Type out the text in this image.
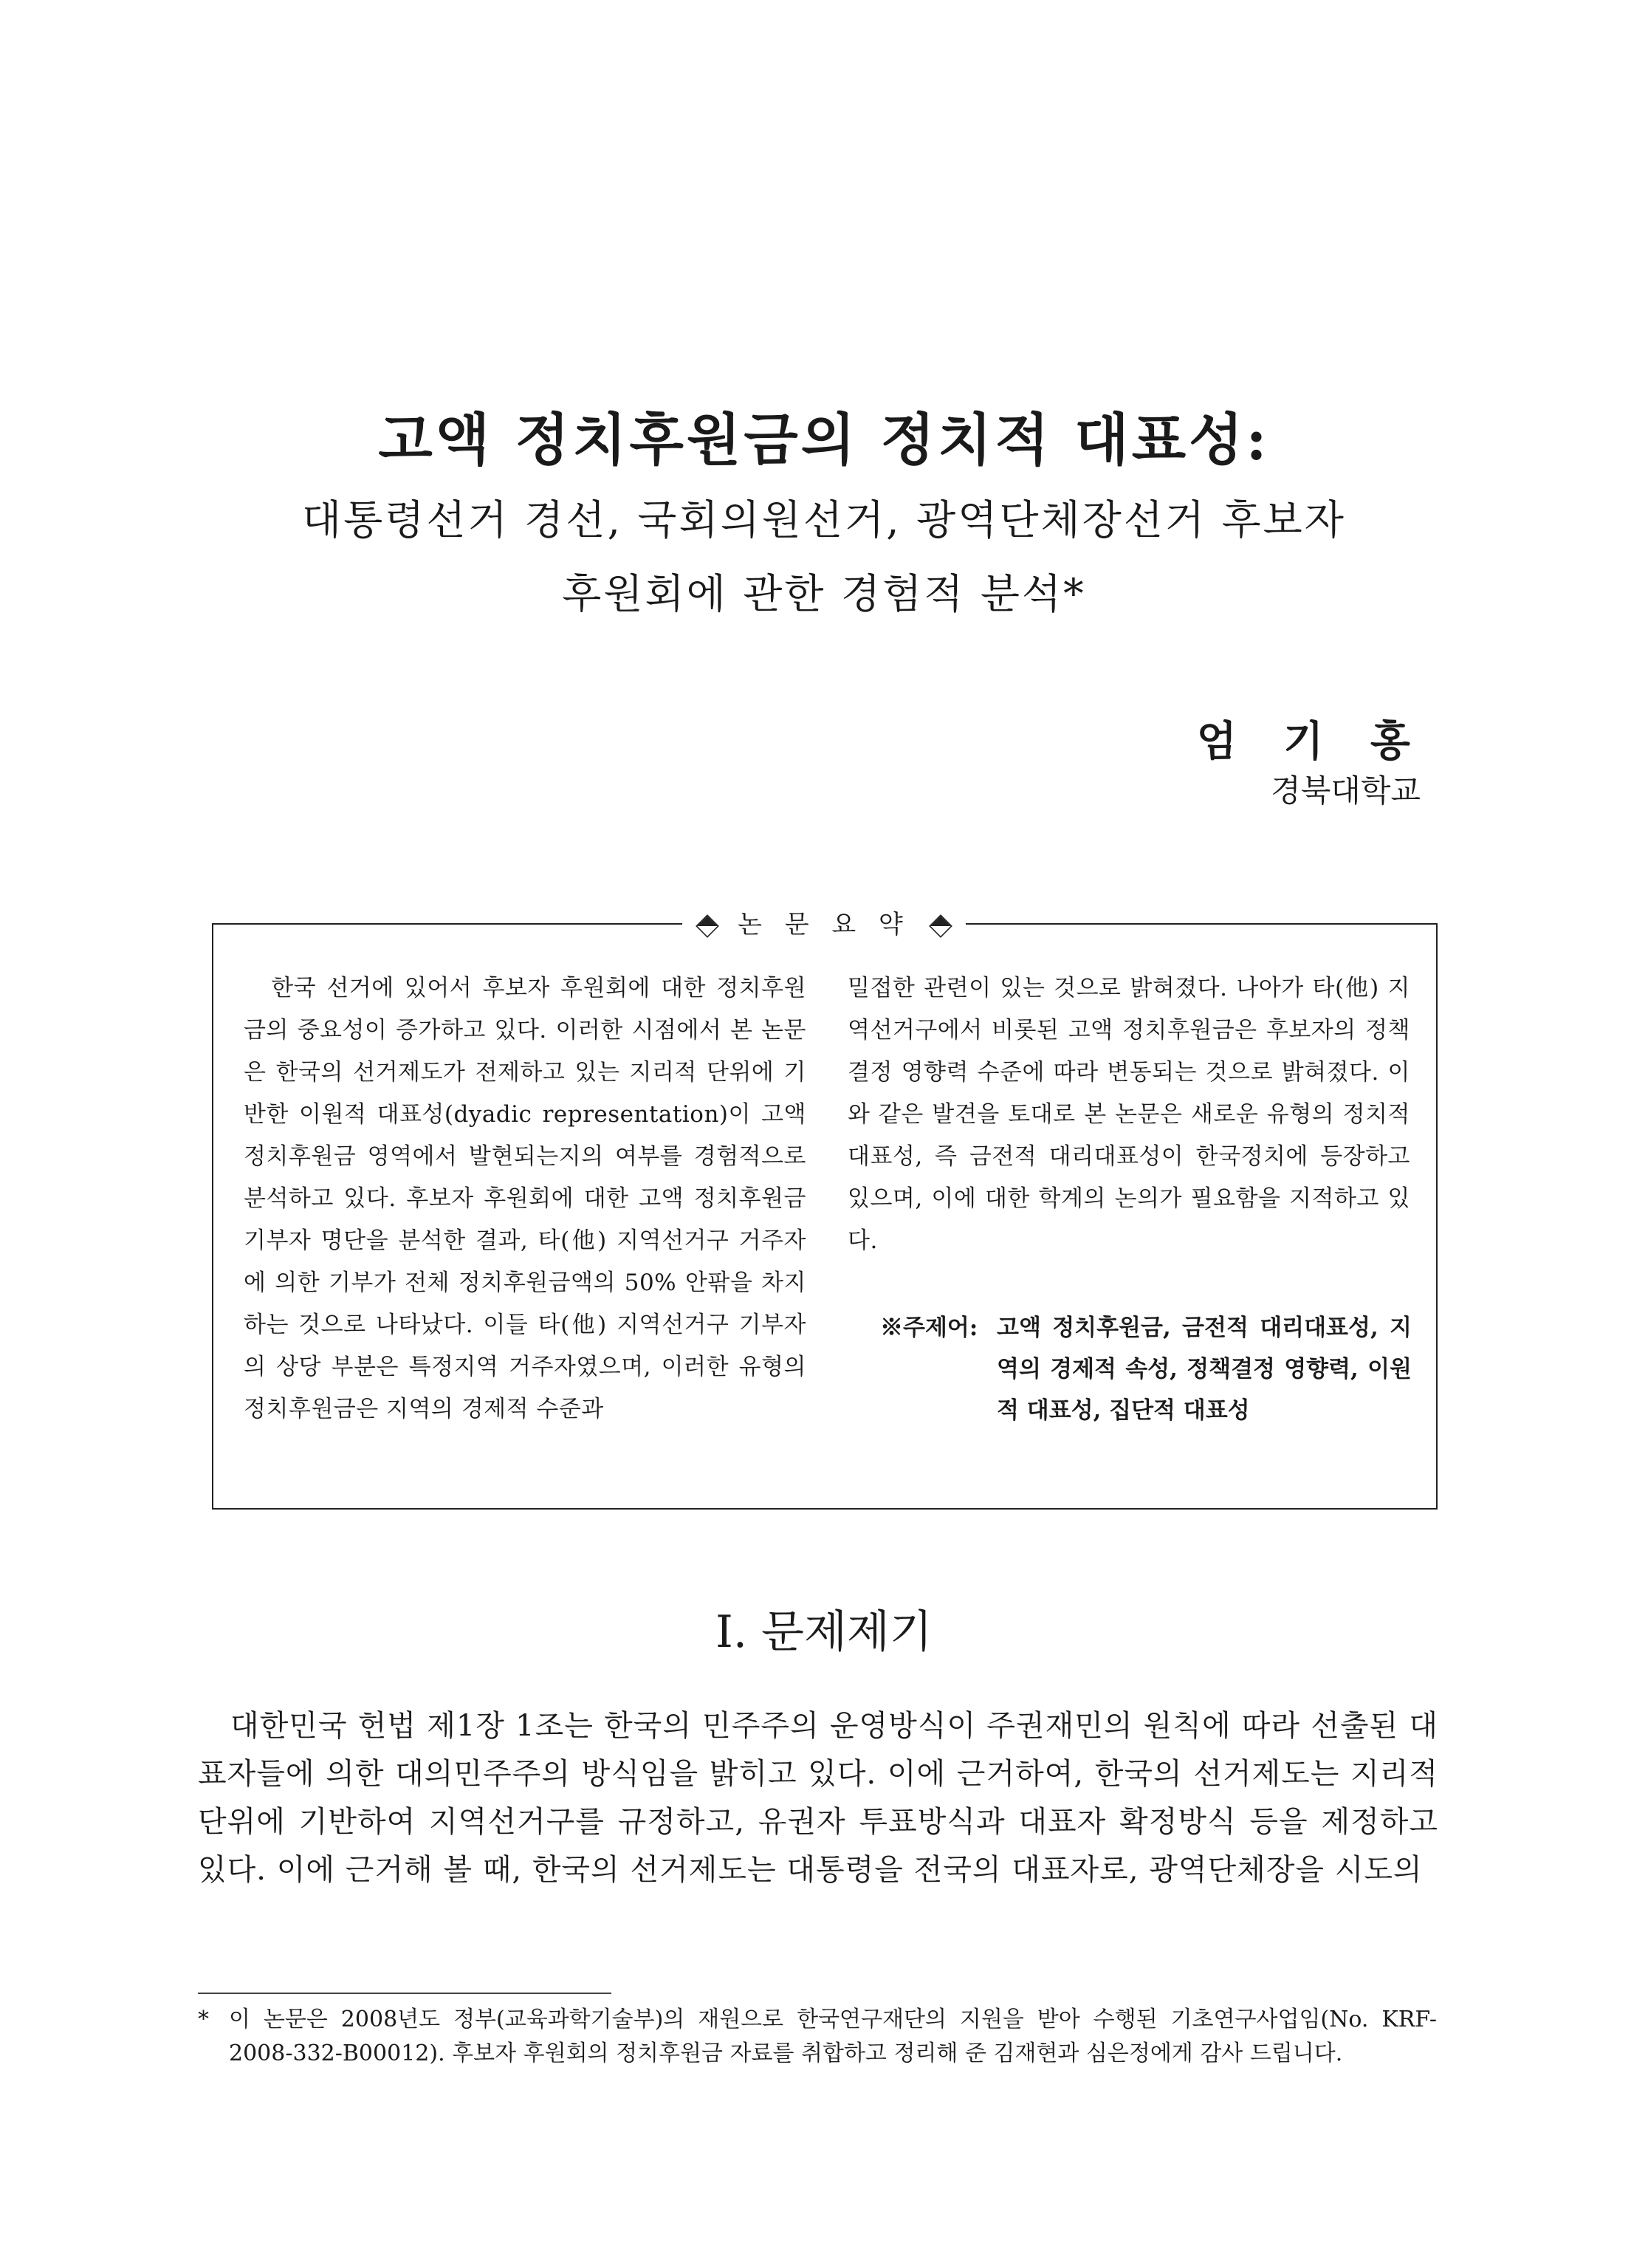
고액 정치후원금의 정치적 대표성:
대통령선거 경선, 국회의원선거, 광역단체장선거 후보자
후원회에 관한 경험적 분석*
엄 기 홍
경북대학교
논 문 요 약

한국 선거에 있어서 후보자 후원회에 대한 정치후원금의 중요성이 증가하고 있다. 이러한 시점에서 본 논문은 한국의 선거제도가 전제하고 있는 지리적 단위에 기반한 이원적 대표성(dyadic representation)이 고액 정치후원금 영역에서 발현되는지의 여부를 경험적으로 분석하고 있다. 후보자 후원회에 대한 고액 정치후원금 기부자 명단을 분석한 결과, 타(他) 지역선거구 거주자에 의한 기부가 전체 정치후원금액의 50% 안팎을 차지하는 것으로 나타났다. 이들 타(他) 지역선거구 기부자의 상당 부분은 특정지역 거주자였으며, 이러한 유형의 정치후원금은 지역의 경제적 수준과

밀접한 관련이 있는 것으로 밝혀졌다. 나아가 타(他) 지역선거구에서 비롯된 고액 정치후원금은 후보자의 정책결정 영향력 수준에 따라 변동되는 것으로 밝혀졌다. 이와 같은 발견을 토대로 본 논문은 새로운 유형의 정치적 대표성, 즉 금전적 대리대표성이 한국정치에 등장하고 있으며, 이에 대한 학계의 논의가 필요함을 지적하고 있다.

※주제어: 고액 정치후원금, 금전적 대리대표성, 지역의 경제적 속성, 정책결정 영향력, 이원적 대표성, 집단적 대표성
I. 문제제기

대한민국 헌법 제1장 1조는 한국의 민주주의 운영방식이 주권재민의 원칙에 따라 선출된 대표자들에 의한 대의민주주의 방식임을 밝히고 있다. 이에 근거하여, 한국의 선거제도는 지리적 단위에 기반하여 지역선거구를 규정하고, 유권자 투표방식과 대표자 확정방식 등을 제정하고 있다. 이에 근거해 볼 때, 한국의 선거제도는 대통령을 전국의 대표자로, 광역단체장을 시도의

* 이 논문은 2008년도 정부(교육과학기술부)의 재원으로 한국연구재단의 지원을 받아 수행된 기초연구사업임(No. KRF-2008-332-B00012). 후보자 후원회의 정치후원금 자료를 취합하고 정리해 준 김재현과 심은정에게 감사 드립니다.
